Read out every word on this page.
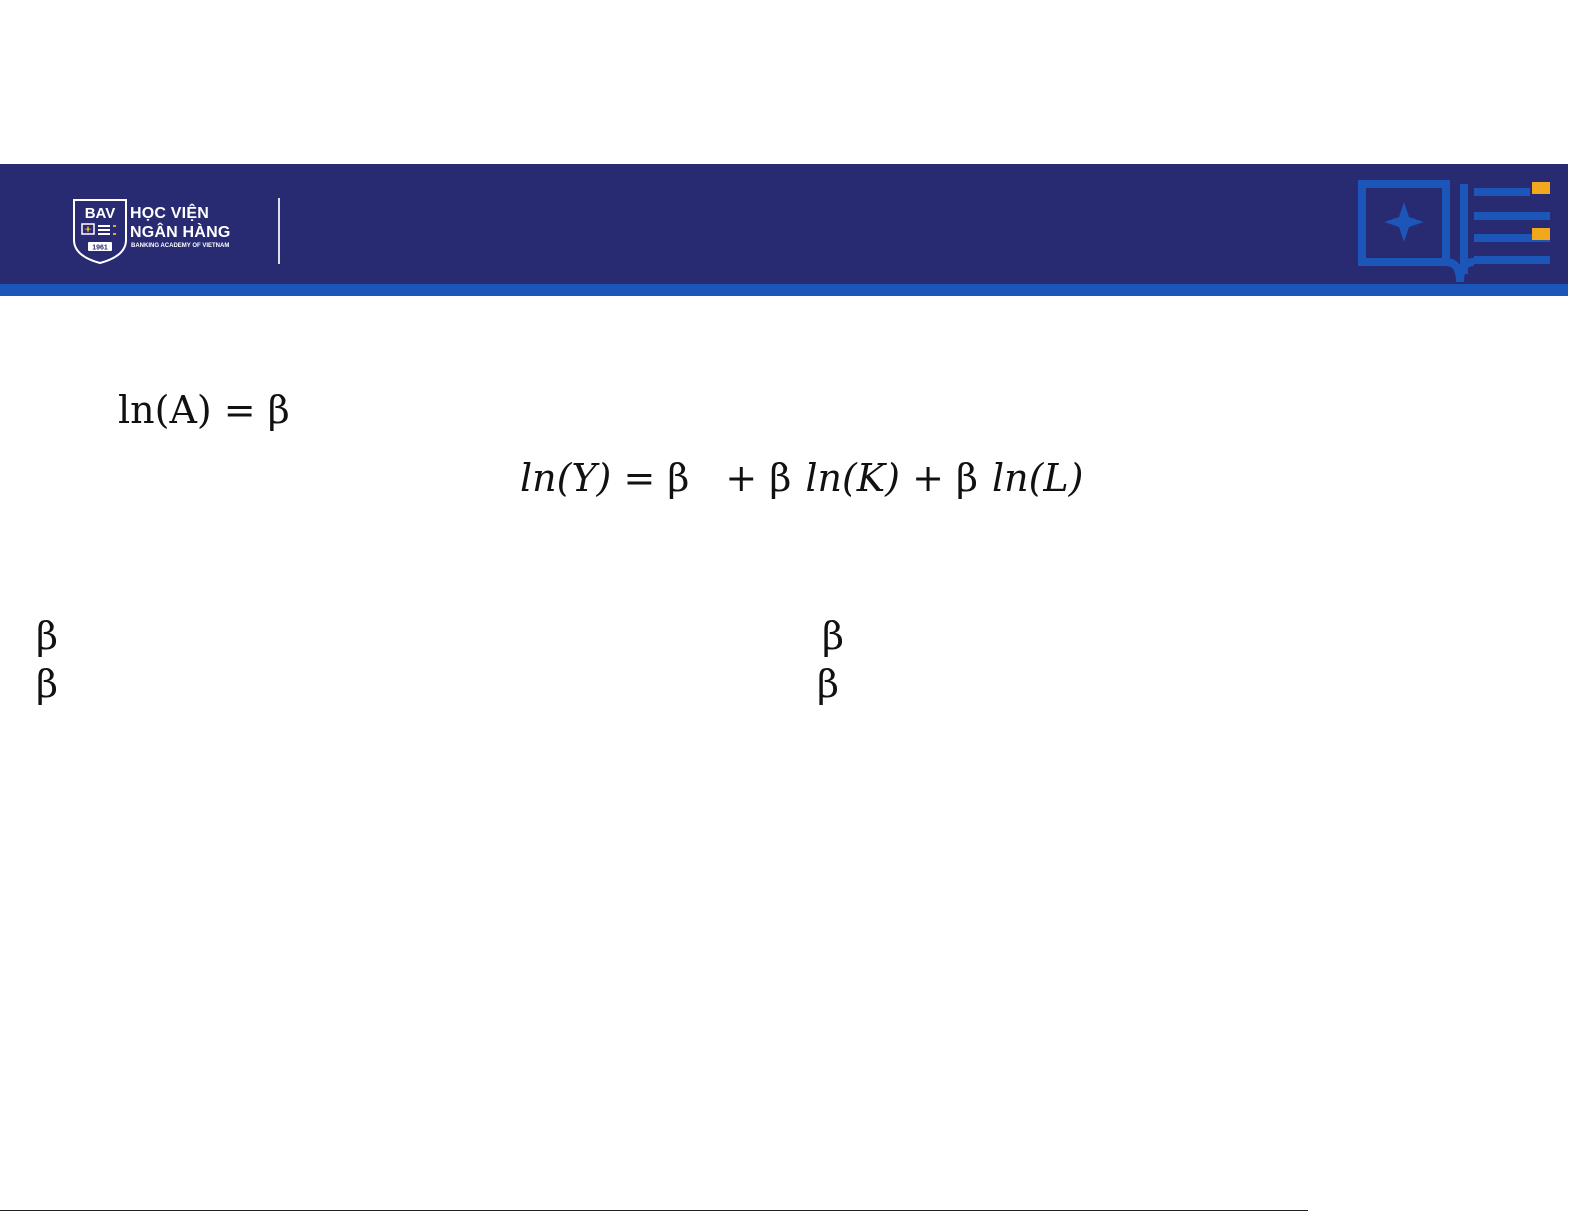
BAV
1961
HỌC VIỆN
NGÂN HÀNG
BANKING ACADEMY OF VIETNAM
ln(A) = β
ln(Y) = β + β ln(K) + β ln(L)
β	β
β	β
